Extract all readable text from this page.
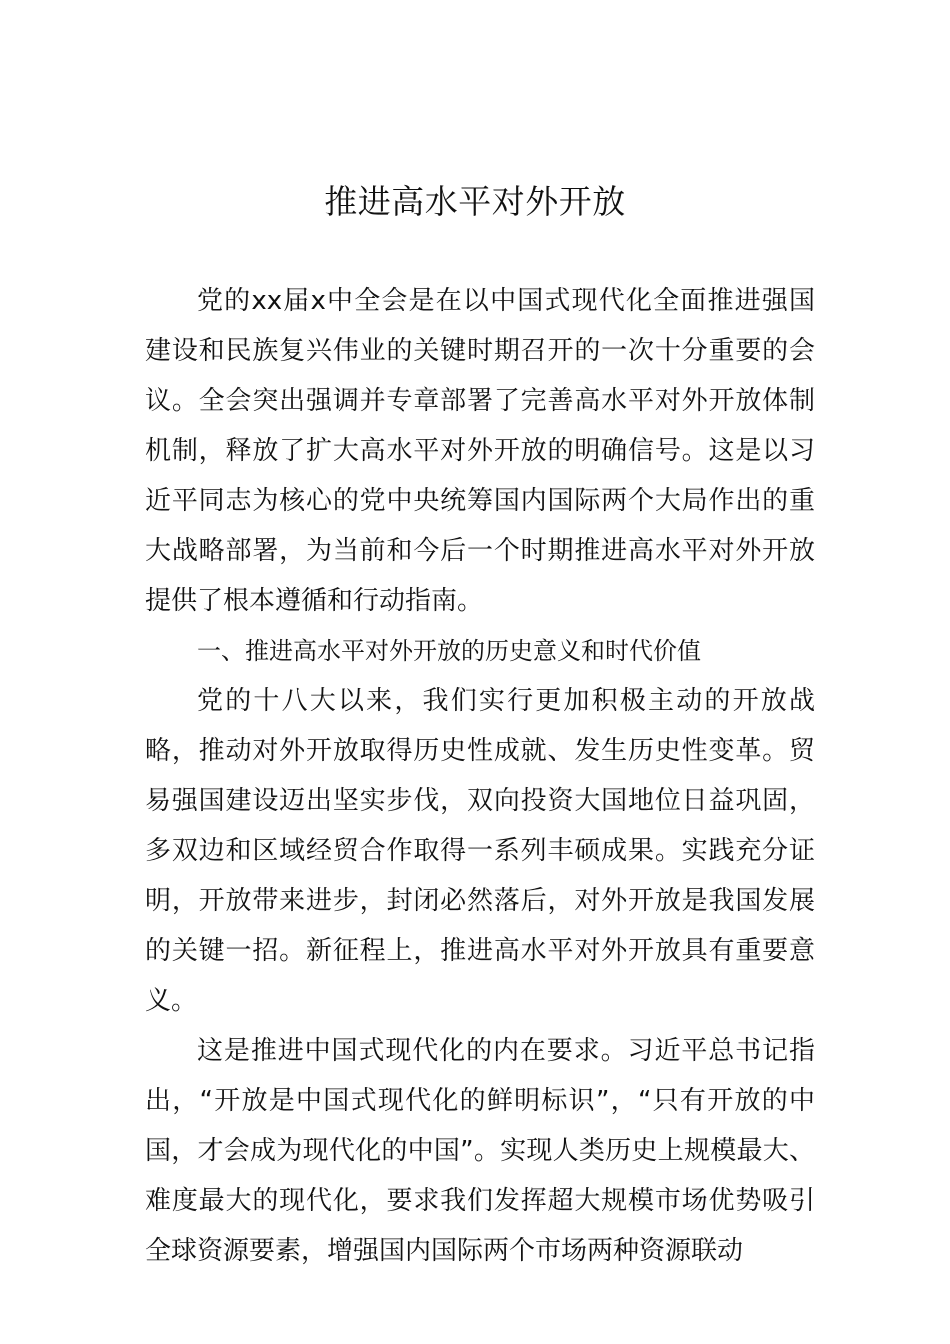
推进高水平对外开放

党的xx届x中全会是在以中国式现代化全面推进强国建设和民族复兴伟业的关键时期召开的一次十分重要的会议。全会突出强调并专章部署了完善高水平对外开放体制机制，释放了扩大高水平对外开放的明确信号。这是以习近平同志为核心的党中央统筹国内国际两个大局作出的重大战略部署，为当前和今后一个时期推进高水平对外开放提供了根本遵循和行动指南。

一、推进高水平对外开放的历史意义和时代价值

党的十八大以来，我们实行更加积极主动的开放战略，推动对外开放取得历史性成就、发生历史性变革。贸易强国建设迈出坚实步伐，双向投资大国地位日益巩固，多双边和区域经贸合作取得一系列丰硕成果。实践充分证明，开放带来进步，封闭必然落后，对外开放是我国发展的关键一招。新征程上，推进高水平对外开放具有重要意义。

这是推进中国式现代化的内在要求。习近平总书记指出，“开放是中国式现代化的鲜明标识”，“只有开放的中国，才会成为现代化的中国”。实现人类历史上规模最大、难度最大的现代化，要求我们发挥超大规模市场优势吸引全球资源要素，增强国内国际两个市场两种资源联动
